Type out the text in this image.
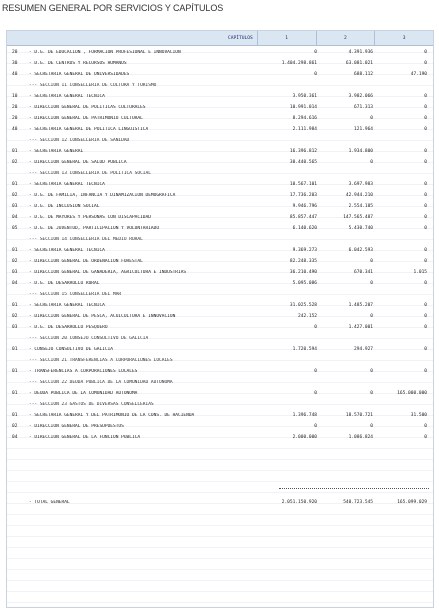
RESUMEN GENERAL POR SERVICIOS Y CAPÍTULOS
CAPÍTULOS	1	2	3
20	- D.G. DE EDUCACIÓN , FORMACIÓN PROFESIONAL E INNOVACIÓN	0	4.391.936	0
30	- D.G. DE CENTROS Y RECURSOS HUMANOS	1.404.298.861	63.081.021	0
40	- SECRETARÍA GENERAL DE UNIVERSIDADES	0	688.112	47.190
--- SECCION 11 CONSELLERÍA DE CULTURA Y TURISMO
10	- SECRETARÍA GENERAL TÉCNICA	3.950.361	3.982.066	0
20	- DIRECCIÓN GENERAL DE POLÍTICAS CULTURALES	10.991.014	671.313	0
20	- DIRECCIÓN GENERAL DE PATRIMONIO CULTURAL	8.294.616	0	0
40	- SECRETARÍA GENERAL DE POLÍTICA LINGÜÍSTICA	2.111.984	121.964	0
--- SECCION 12 CONSELLERÍA DE SANIDAD
01	- SECRETARÍA GENERAL	16.396.812	1.934.800	0
02	- DIRECCIÓN GENERAL DE SALUD PÚBLICA	30.440.565	0	0
--- SECCION 13 CONSELLERÍA DE POLÍTICA SOCIAL
01	- SECRETARÍA GENERAL TÉCNICA	10.567.101	3.697.983	0
02	- D.G. DE FAMILIA, INFANCIA Y DINAMIZACIÓN DEMOGRÁFICA	17.736.203	42.944.210	0
03	- D.G. DE INCLUSIÓN SOCIAL	9.946.796	2.554.185	0
04	- D.G. DE MAYORES Y PERSONAS CON DISCAPACIDAD	85.857.447	147.565.487	0
05	- D.G. DE JUVENTUD, PARTICIPACIÓN Y VOLUNTARIADO	6.140.620	5.430.740	0
--- SECCION 14 CONSELLERÍA DEL MEDIO RURAL
01	- SECRETARÍA GENERAL TÉCNICA	9.369.273	6.042.593	0
02	- DIRECCIÓN GENERAL DE ORDENACIÓN FORESTAL	82.248.335	0	0
03	- DIRECCIÓN GENERAL DE GANADERÍA, AGRICULTURA E INDUSTRIAS	36.210.490	670.341	1.015
04	- D.G. DE DESARROLLO RURAL	5.095.086	0	0
--- SECCION 15 CONSELLERÍA DEL MAR
01	- SECRETARÍA GENERAL TÉCNICA	31.025.528	1.485.207	0
02	- DIRECCIÓN GENERAL DE PESCA, ACUICULTURA E INNOVACIÓN	242.152	0	0
03	- D.G. DE DESARROLLO PESQUERO	0	1.427.001	0
--- SECCION 20 CONSEJO CONSULTIVO DE GALICIA
01	- CONSEJO CONSULTIVO DE GALICIA	1.720.594	294.927	0
--- SECCION 21 TRANSFERENCIAS A CORPORACIONES LOCALES
01	- TRANSFERENCIAS A CORPORACIONES LOCALES	0	0	0
--- SECCION 22 DEUDA PÚBLICA DE LA COMUNIDAD AUTÓNOMA
01	- DEUDA PÚBLICA DE LA COMUNIDAD AUTÓNOMA	0	0	165.000.000
--- SECCION 23 GASTOS DE DIVERSAS CONSELLERÍAS
01	- SECRETARÍA GENERAL Y DEL PATRIMONIO DE LA CONS. DE HACIENDA	1.396.748	18.570.721	31.500
02	- DIRECCIÓN GENERAL DE PRESUPUESTOS	0	0	0
04	- DIRECCIÓN GENERAL DE LA FUNCIÓN PÚBLICA	2.000.000	1.086.824	0
- TOTAL GENERAL	2.051.150.920	540.723.545	165.099.029
